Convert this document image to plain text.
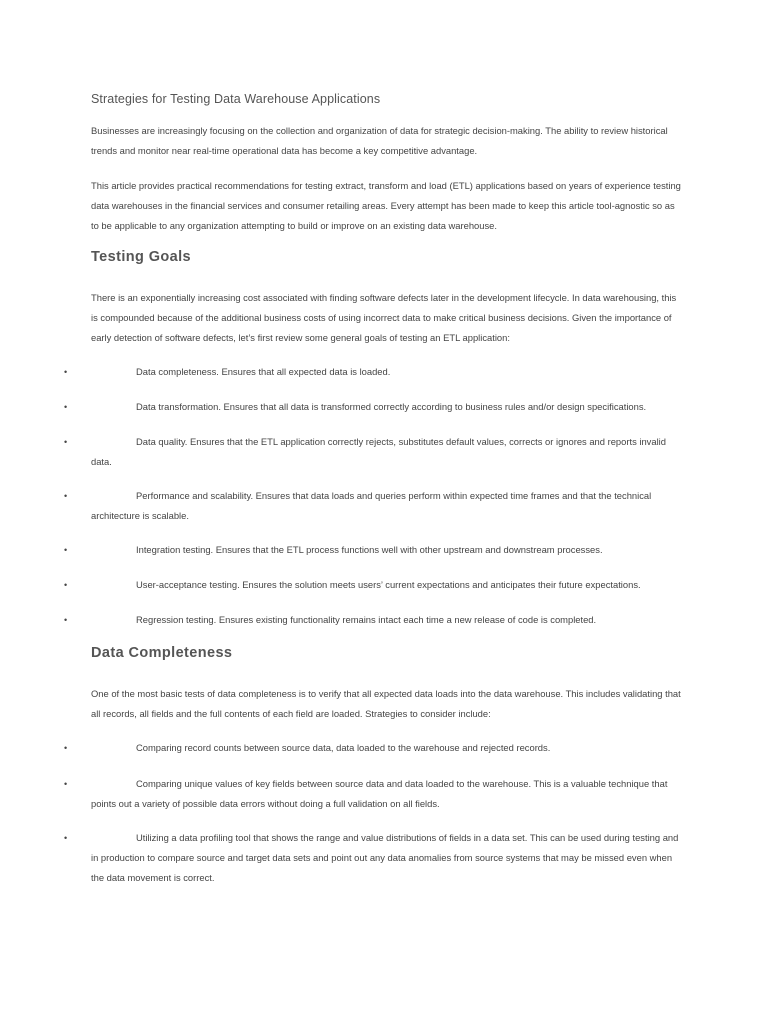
Strategies for Testing Data Warehouse Applications

Businesses are increasingly focusing on the collection and organization of data for strategic decision-making. The ability to review historical trends and monitor near real-time operational data has become a key competitive advantage.

This article provides practical recommendations for testing extract, transform and load (ETL) applications based on years of experience testing data warehouses in the financial services and consumer retailing areas. Every attempt has been made to keep this article tool-agnostic so as to be applicable to any organization attempting to build or improve on an existing data warehouse.

Testing Goals

There is an exponentially increasing cost associated with finding software defects later in the development lifecycle. In data warehousing, this is compounded because of the additional business costs of using incorrect data to make critical business decisions. Given the importance of early detection of software defects, let’s first review some general goals of testing an ETL application:

•	Data completeness. Ensures that all expected data is loaded.

•	Data transformation. Ensures that all data is transformed correctly according to business rules and/or design specifications.

•	Data quality. Ensures that the ETL application correctly rejects, substitutes default values, corrects or ignores and reports invalid data.

•	Performance and scalability. Ensures that data loads and queries perform within expected time frames and that the technical architecture is scalable.

•	Integration testing. Ensures that the ETL process functions well with other upstream and downstream processes.

•	User-acceptance testing. Ensures the solution meets users’ current expectations and anticipates their future expectations.

•	Regression testing. Ensures existing functionality remains intact each time a new release of code is completed.

Data Completeness

One of the most basic tests of data completeness is to verify that all expected data loads into the data warehouse. This includes validating that all records, all fields and the full contents of each field are loaded. Strategies to consider include:

•	Comparing record counts between source data, data loaded to the warehouse and rejected records.

•	Comparing unique values of key fields between source data and data loaded to the warehouse. This is a valuable technique that points out a variety of possible data errors without doing a full validation on all fields.

•	Utilizing a data profiling tool that shows the range and value distributions of fields in a data set. This can be used during testing and in production to compare source and target data sets and point out any data anomalies from source systems that may be missed even when the data movement is correct.
